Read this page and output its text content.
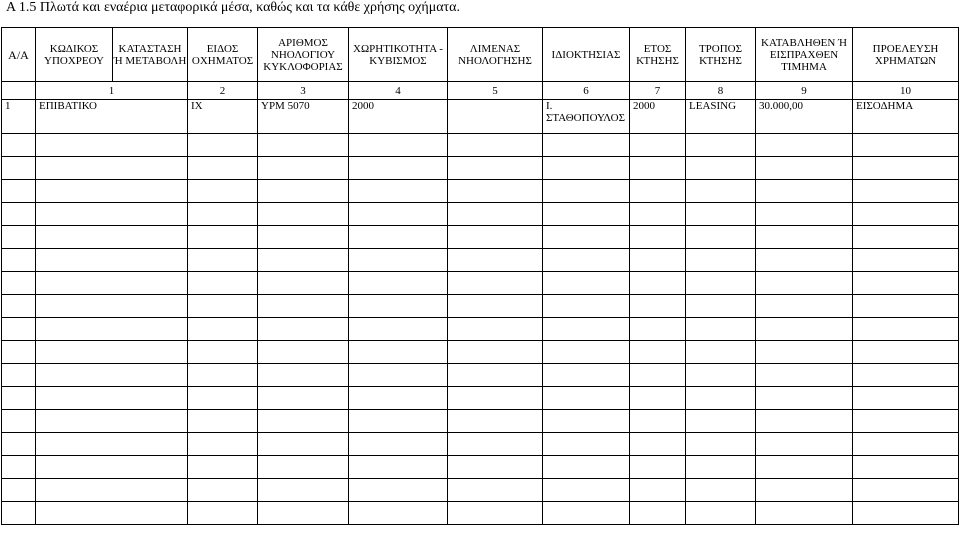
Α 1.5 Πλωτά και εναέρια μεταφορικά μέσα, καθώς και τα κάθε χρήσης οχήματα.
Α/Α	ΚΩΔΙΚΟΣ ΥΠΟΧΡΕΟΥ	ΚΑΤΑΣΤΑΣΗ Ή ΜΕΤΑΒΟΛΗ	ΕΙΔΟΣ ΟΧΗΜΑΤΟΣ	ΑΡΙΘΜΟΣ ΝΗΟΛΟΓΙΟΥ ΚΥΚΛΟΦΟΡΙΑΣ	ΧΩΡΗΤΙΚΟΤΗΤΑ - ΚΥΒΙΣΜΟΣ	ΛΙΜΕΝΑΣ ΝΗΟΛΟΓΗΣΗΣ	ΙΔΙΟΚΤΗΣΙΑΣ	ΕΤΟΣ ΚΤΗΣΗΣ	ΤΡΟΠΟΣ ΚΤΗΣΗΣ	ΚΑΤΑΒΛΗΘΕΝ Ή ΕΙΣΠΡΑΧΘΕΝ ΤΙΜΗΜΑ	ΠΡΟΕΛΕΥΣΗ ΧΡΗΜΑΤΩΝ	
	1		2	3	4	5	6	7	8	9	10	
1	ΕΠΙΒΑΤΙΚΟ		ΙΧ	ΥΡΜ 5070	2000		Ι. ΣΤΑΘΟΠΟΥΛΟΣ	2000	LEASING	30.000,00	ΕΙΣΟΔΗΜΑ	
